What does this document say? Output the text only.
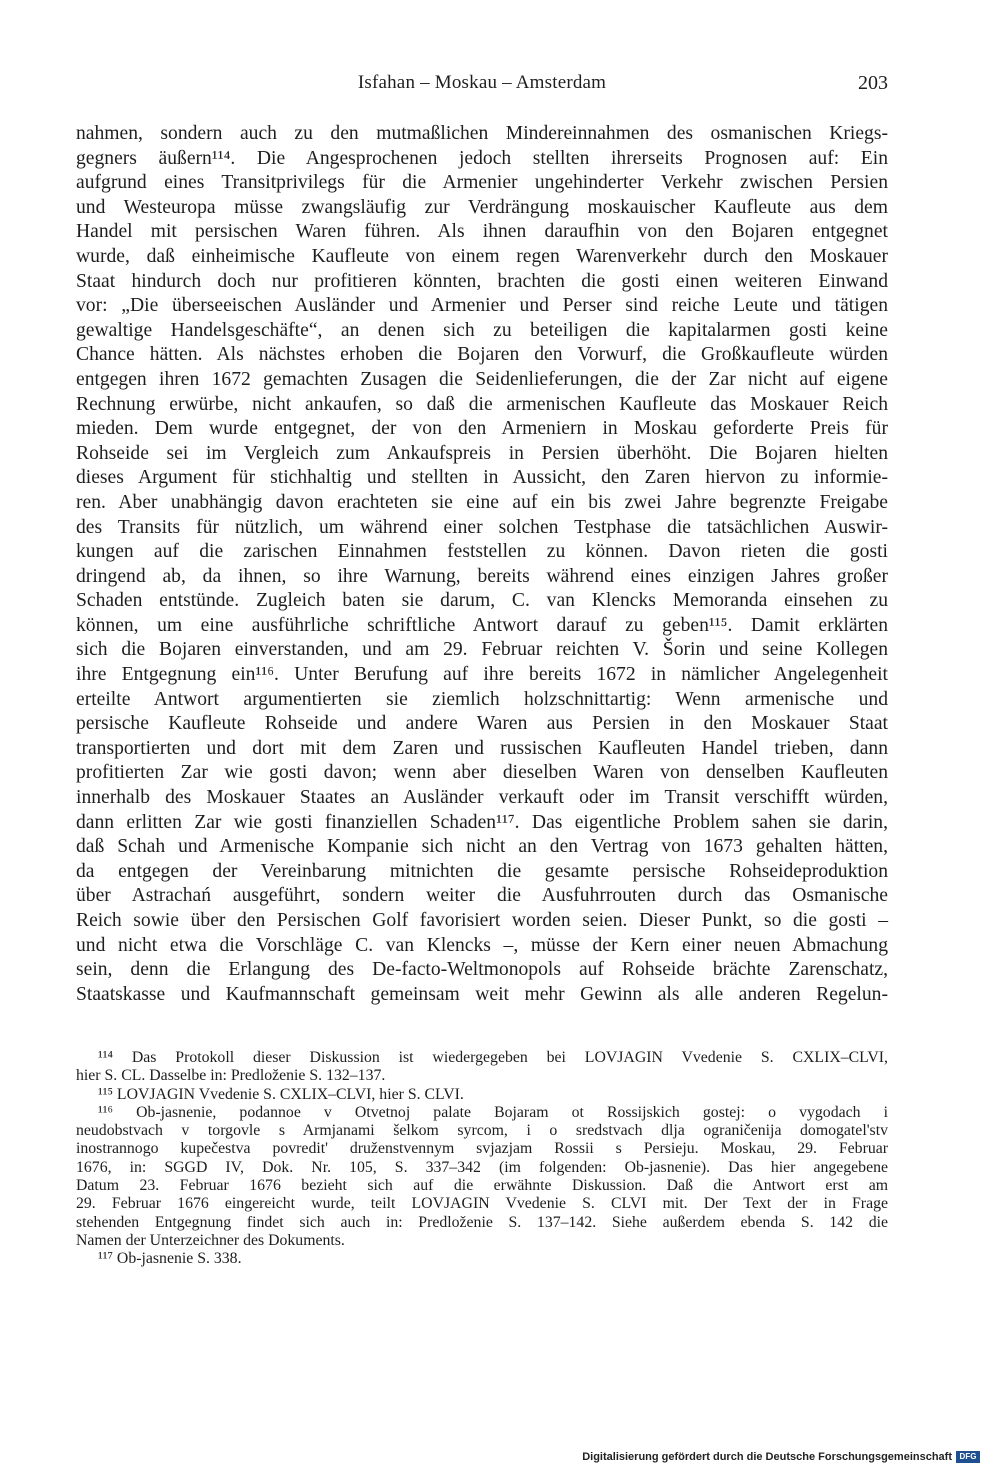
Isfahan – Moskau – Amsterdam	203
nahmen, sondern auch zu den mutmaßlichen Mindereinnahmen des osmanischen Kriegs-
gegners äußern¹¹⁴. Die Angesprochenen jedoch stellten ihrerseits Prognosen auf: Ein
aufgrund eines Transitprivilegs für die Armenier ungehinderter Verkehr zwischen Persien
und Westeuropa müsse zwangsläufig zur Verdrängung moskauischer Kaufleute aus dem
Handel mit persischen Waren führen. Als ihnen daraufhin von den Bojaren entgegnet
wurde, daß einheimische Kaufleute von einem regen Warenverkehr durch den Moskauer
Staat hindurch doch nur profitieren könnten, brachten die gosti einen weiteren Einwand
vor: „Die überseeischen Ausländer und Armenier und Perser sind reiche Leute und tätigen
gewaltige Handelsgeschäfte“, an denen sich zu beteiligen die kapitalarmen gosti keine
Chance hätten. Als nächstes erhoben die Bojaren den Vorwurf, die Großkaufleute würden
entgegen ihren 1672 gemachten Zusagen die Seidenlieferungen, die der Zar nicht auf eigene
Rechnung erwürbe, nicht ankaufen, so daß die armenischen Kaufleute das Moskauer Reich
mieden. Dem wurde entgegnet, der von den Armeniern in Moskau geforderte Preis für
Rohseide sei im Vergleich zum Ankaufspreis in Persien überhöht. Die Bojaren hielten
dieses Argument für stichhaltig und stellten in Aussicht, den Zaren hiervon zu informie-
ren. Aber unabhängig davon erachteten sie eine auf ein bis zwei Jahre begrenzte Freigabe
des Transits für nützlich, um während einer solchen Testphase die tatsächlichen Auswir-
kungen auf die zarischen Einnahmen feststellen zu können. Davon rieten die gosti
dringend ab, da ihnen, so ihre Warnung, bereits während eines einzigen Jahres großer
Schaden entstünde. Zugleich baten sie darum, C. van Klencks Memoranda einsehen zu
können, um eine ausführliche schriftliche Antwort darauf zu geben¹¹⁵. Damit erklärten
sich die Bojaren einverstanden, und am 29. Februar reichten V. Šorin und seine Kollegen
ihre Entgegnung ein¹¹⁶. Unter Berufung auf ihre bereits 1672 in nämlicher Angelegenheit
erteilte Antwort argumentierten sie ziemlich holzschnittartig: Wenn armenische und
persische Kaufleute Rohseide und andere Waren aus Persien in den Moskauer Staat
transportierten und dort mit dem Zaren und russischen Kaufleuten Handel trieben, dann
profitierten Zar wie gosti davon; wenn aber dieselben Waren von denselben Kaufleuten
innerhalb des Moskauer Staates an Ausländer verkauft oder im Transit verschifft würden,
dann erlitten Zar wie gosti finanziellen Schaden¹¹⁷. Das eigentliche Problem sahen sie darin,
daß Schah und Armenische Kompanie sich nicht an den Vertrag von 1673 gehalten hätten,
da entgegen der Vereinbarung mitnichten die gesamte persische Rohseideproduktion
über Astrachań ausgeführt, sondern weiter die Ausfuhrrouten durch das Osmanische
Reich sowie über den Persischen Golf favorisiert worden seien. Dieser Punkt, so die gosti –
und nicht etwa die Vorschläge C. van Klencks –, müsse der Kern einer neuen Abmachung
sein, denn die Erlangung des De-facto-Weltmonopols auf Rohseide brächte Zarenschatz,
Staatskasse und Kaufmannschaft gemeinsam weit mehr Gewinn als alle anderen Regelun-
¹¹⁴ Das Protokoll dieser Diskussion ist wiedergegeben bei LOVJAGIN Vvedenie S. CXLIX–CLVI,
hier S. CL. Dasselbe in: Predloženie S. 132–137.
¹¹⁵ LOVJAGIN Vvedenie S. CXLIX–CLVI, hier S. CLVI.
¹¹⁶ Ob-jasnenie, podannoe v Otvetnoj palate Bojaram ot Rossijskich gostej: o vygodach i
neudobstvach v torgovle s Armjanami šelkom syrcom, i o sredstvach dlja ograničenija domogatel'stv
inostrannogo kupečestva povredit' druženstvennym svjazjam Rossii s Persieju. Moskau, 29. Februar
1676, in: SGGD IV, Dok. Nr. 105, S. 337–342 (im folgenden: Ob-jasnenie). Das hier angegebene
Datum 23. Februar 1676 bezieht sich auf die erwähnte Diskussion. Daß die Antwort erst am
29. Februar 1676 eingereicht wurde, teilt LOVJAGIN Vvedenie S. CLVI mit. Der Text der in Frage
stehenden Entgegnung findet sich auch in: Predloženie S. 137–142. Siehe außerdem ebenda S. 142 die
Namen der Unterzeichner des Dokuments.
¹¹⁷ Ob-jasnenie S. 338.
Digitalisierung gefördert durch die Deutsche Forschungsgemeinschaft DFG
